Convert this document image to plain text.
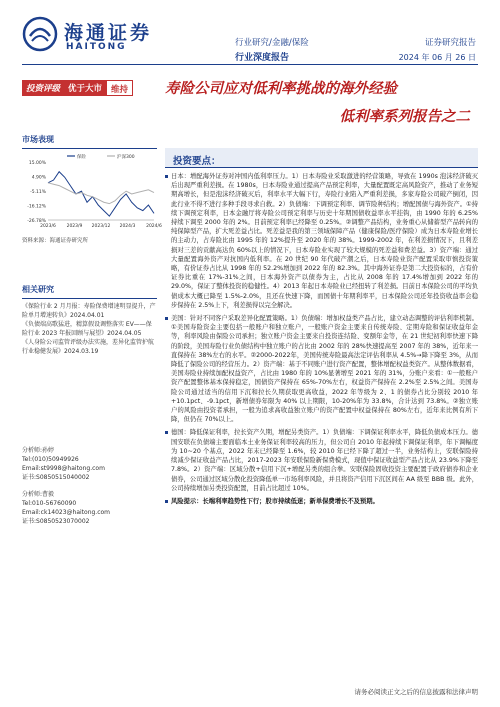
海通证券
HAITONG	行业研究/金融/保险
行业深度报告
证券研究报告
2024 年 06 月 26 日
投资评级 优于大市	维持	寿险公司应对低利率挑战的海外经验
低利率系列报告之二
市场表现
15.00%
4.90%
-5.11%
-16.12%
-26.78%
2023/6 2023/9 2023/12 2024/3 2024/6
保险	沪深300
资料来源：海通证券研究所
相关研究
《保险行业 2 月月报：寿险保费增速明显提升，产险单月增速转负》2024.04.01
《负债端高歌猛进，精算假设调整落实 EV——保险行业 2023 年报回顾与展望》2024.04.05
《人身险公司监管评级办法实施，差异化监管护航行业稳健发展》2024.03.19
分析师:孙婷
Tel:(010)50949926
Email:st9998@haitong.com
证书:S0850515040002
分析师:曹毅
Tel:010-56760090
Email:ck14023@haitong.com
证书:S0850523070002
投资要点：
日本：增配海外证券对冲国内低利率压力。1）日本寿险业采取激进的经营策略，导致在 1990s 泡沫经济破灭后出现严重利差损。在 1980s，日本寿险业通过提高产品预定利率，大量配置既定高风险资产，推动了业务短期高增长，但是泡沫经济破灭后，利率水平大幅下行，寿险行业陷入严重利差损，多家寿险公司破产倒闭，因此行业不得不进行多种手段寻求自救。2）负债端：下调预定利率、调节险种结构；增配国债与海外资产。①持续下调预定利率，日本金融厅将寿险公司预定利率与历史十年期国债收益率水平挂钩，由 1990 年的 6.25% 持续下调至 2000 年的 2%。目前预定利率已经降至 0.25%。②调整产品结构，业务重心从储蓄型产品转向的纯保障型产品，扩大死差益占比。死差益是我的第三领域保障产品（健康保险/医疗保险）成为日本寿险业增长的主动力，占寿险比由 1995 年的 12%提升至 2020 年的 38%。1999-2002 年，在利差损情况下，且利差损对三差的贡献高达负 60%以上的情况下，日本寿险业实现了较大规模的死差益和费差益。3）资产端：通过大量配置海外资产对抗国内低利率。在 20 世纪 90 年代破产潮之后，日本寿险业资产配置采取审慎投资策略，有价证券占比从 1998 年的 52.2%增加到 2022 年的 82.3%。其中海外证券是第二大投资标的，占有价证券比重在 17%-31%之间，日本海外资产以债券为主，占比从 2008 年的 17.4%增加到 2022 年的 29.0%，保证了整体投资的稳健性。4）2013 年起日本寿险业已经扭转了利差损。目前日本保险公司的平均负债成本大概已降至 1.5%-2.0%，且还在快速下降，而国债十年期利率平，日本保险公司还年投资收益率会稳步保持在 2.5%上下，利差损得以完全解决。
美国：针对不同客户采取差异化配置策略。1）负债端：增加权益类产品占比，建立动态调整的评估利率机制。①美国寿险资金主要包括一般账户和独立账户，一般账户资金主要来自传统寿险、定期寿险和保证收益年金等，利率风险由保险公司承担；独立账户资金主要来自投资连结险、变额年金等，在 21 世纪初利率快速下降的阶段，美国寿险行业负债结构中独立账户的占比由 2002 年的 28%快速提高至 2007 年的 38%，近年来一直保持在 38%左右的水平。②2000-2022年，美国传统寿险最高法定评估利率从 4.5%→降下降至 3%，从而降低了保险公司的经营压力。2）资产端：基于不同账户进行资产配置，整体增配权益类资产。从整体数据看，美国寿险业持续加配权益资产，占比由 1980 年的 10%显著增至 2021 年的 31%，分账户来看：①一般账户资产配置整体基本保持稳定，国债资产保持在 65%-70%左右，权益资产保持在 2.2%至 2.5%之间。美国寿险公司通过适当的信用下沉和拉长久期获取更高收益，2022 年等级为 2、1 的债券占比分别较 2010 年+10.1pct、-9.1pct，新增债券年限为 40% 以上期限，10-20%年为 33.8%，合计达到 73.8%。②独立账户的风险由投资者承担，一般为追求高收益独立账户的资产配置中权益保持在 80%左右，近年来比例有所下降，但仍在 70%以上。
德国：降低保证利率，拉长资产久期，增配另类资产。1）负债端：下调保证利率水平，降低负债成本压力。德国安联在负债端主要面临本土业务保证利率较高的压力，但公司自 2010 年起持续下调保证利率，年下调幅度为 10~20 个基点，2022 年末已经降至 1.6%，较 2010 年已经下降了超过一半，业务结构上，安联保险持续减少保证收益产品占比，2017-2023 年安联保险新保费模式，现值中保证收益型产品占比从 23.9%下降至 7.8%。2）资产端：区域分散+信用下沉+增配另类的组合拳。安联保险固收投资主要配置于政府债券和企业债券，公司通过区域分散化投资降低单一市场利率风险，并且将资产信用下沉区间在 AA 级至 BBB 级。此外，公司持续增加另类投资配置，目前占比超过 10%。
风险提示：长端利率趋势性下行；股市持续低迷；新单保费增长不及预期。
请务必阅读正文之后的信息披露和法律声明
